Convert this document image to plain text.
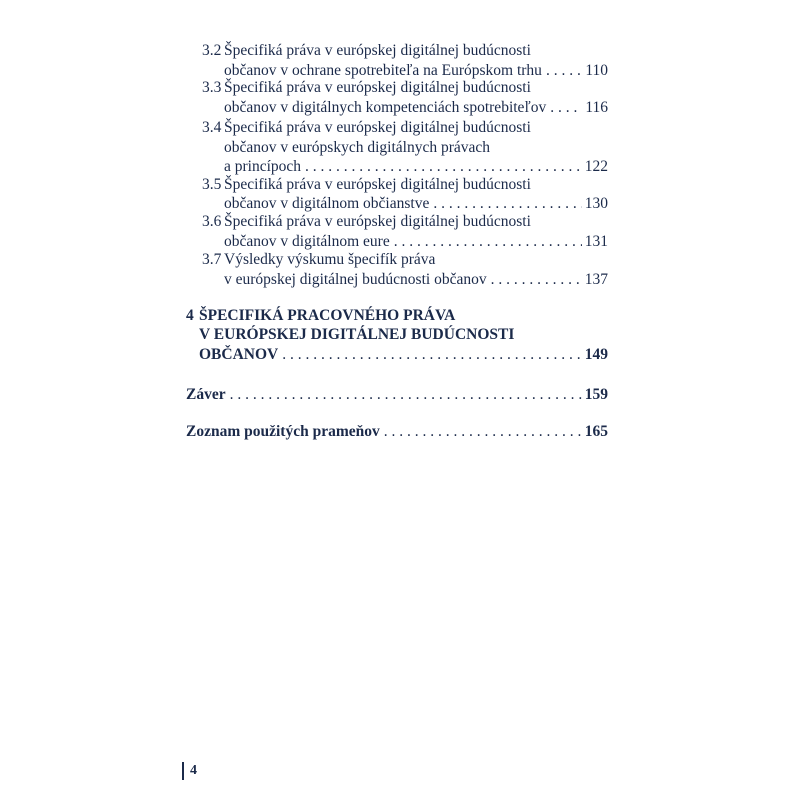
3.2 Špecifiká práva v európskej digitálnej budúcnosti
občanov v ochrane spotrebiteľa na Európskom trhu . . .	110
3.3 Špecifiká práva v európskej digitálnej budúcnosti
občanov v digitálnych kompetenciách spotrebiteľov . . .	116
3.4 Špecifiká práva v európskej digitálnej budúcnosti
občanov v európskych digitálnych právach
a princípoch . . .	122
3.5 Špecifiká práva v európskej digitálnej budúcnosti
občanov v digitálnom občianstve . . .	130
3.6 Špecifiká práva v európskej digitálnej budúcnosti
občanov v digitálnom eure . . .	131
3.7 Výsledky výskumu špecifík práva
v európskej digitálnej budúcnosti občanov . . .	137
4 ŠPECIFIKÁ PRACOVNÉHO PRÁVA
V EURÓPSKEJ DIGITÁLNEJ BUDÚCNOSTI
OBČANOV . . .	149
Záver . . .	159
Zoznam použitých prameňov . . .	165
4
